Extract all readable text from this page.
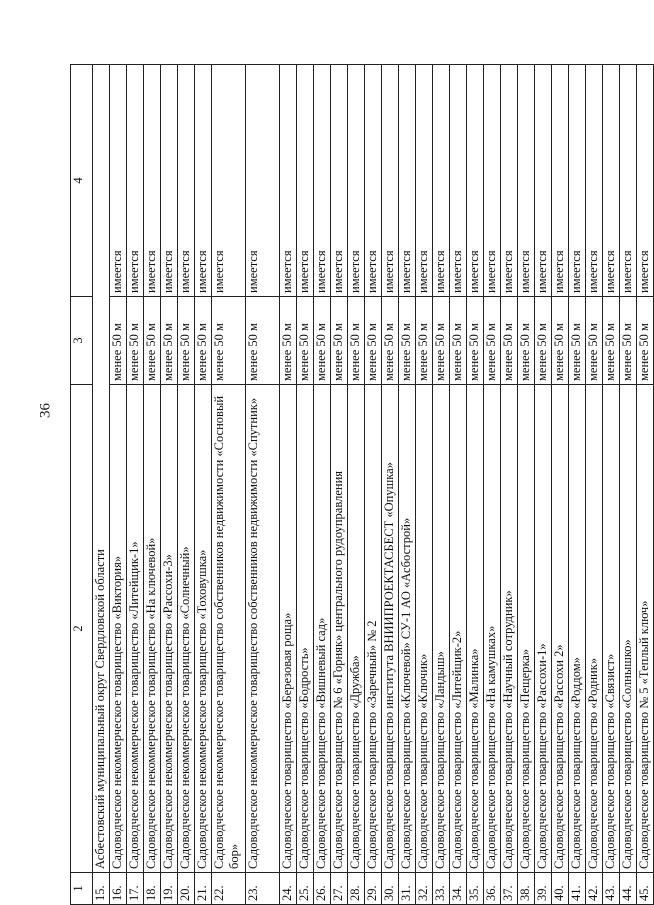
36
1	2	3	4
15.	Асбестовский муниципальный округ Свердловской области		
16.	Садоводческое некоммерческое товарищество «Виктория»	менее 50 м	имеется
17.	Садоводческое некоммерческое товарищество «Литейщик-1»	менее 50 м	имеется
18.	Садоводческое некоммерческое товарищество «На ключевой»	менее 50 м	имеется
19.	Садоводческое некоммерческое товарищество «Рассохи-3»	менее 50 м	имеется
20.	Садоводческое некоммерческое товарищество «Солнечный»	менее 50 м	имеется
21.	Садоводческое некоммерческое товарищество «Тоховушка»	менее 50 м	имеется
22.	Садоводческое некоммерческое товарищество собственников недвижимости «Сосновый бор»	менее 50 м	имеется
23.	Садоводческое некоммерческое товарищество собственников недвижимости «Спутник»	менее 50 м	имеется
24.	Садоводческое товарищество «Березовая роща»	менее 50 м	имеется
25.	Садоводческое товарищество «Бодрость»	менее 50 м	имеется
26.	Садоводческое товарищество «Вишневый сад»	менее 50 м	имеется
27.	Садоводческое товарищество № 6 «Горняк» центрального рудоуправления	менее 50 м	имеется
28.	Садоводческое товарищество «Дружба»	менее 50 м	имеется
29.	Садоводческое товарищество «Заречный» № 2	менее 50 м	имеется
30.	Садоводческое товарищество института ВНИИПРОЕКТАСБЕСТ «Опушка»	менее 50 м	имеется
31.	Садоводческое товарищество «Ключевой» СУ-1 АО «Асбострой»	менее 50 м	имеется
32.	Садоводческое товарищество «Ключик»	менее 50 м	имеется
33.	Садоводческое товарищество «Ландыш»	менее 50 м	имеется
34.	Садоводческое товарищество «Литейщик-2»	менее 50 м	имеется
35.	Садоводческое товарищество «Малинка»	менее 50 м	имеется
36.	Садоводческое товарищество «На камушках»	менее 50 м	имеется
37.	Садоводческое товарищество «Научный сотрудник»	менее 50 м	имеется
38.	Садоводческое товарищество «Пещерка»	менее 50 м	имеется
39.	Садоводческое товарищество «Рассохи-1»	менее 50 м	имеется
40.	Садоводческое товарищество «Рассохи 2»	менее 50 м	имеется
41.	Садоводческое товарищество «Роддом»	менее 50 м	имеется
42.	Садоводческое товарищество «Родник»	менее 50 м	имеется
43.	Садоводческое товарищество «Связист»	менее 50 м	имеется
44.	Садоводческое товарищество «Солнышко»	менее 50 м	имеется
45.	Садоводческое товарищество № 5 «Теплый ключ»	менее 50 м	имеется
